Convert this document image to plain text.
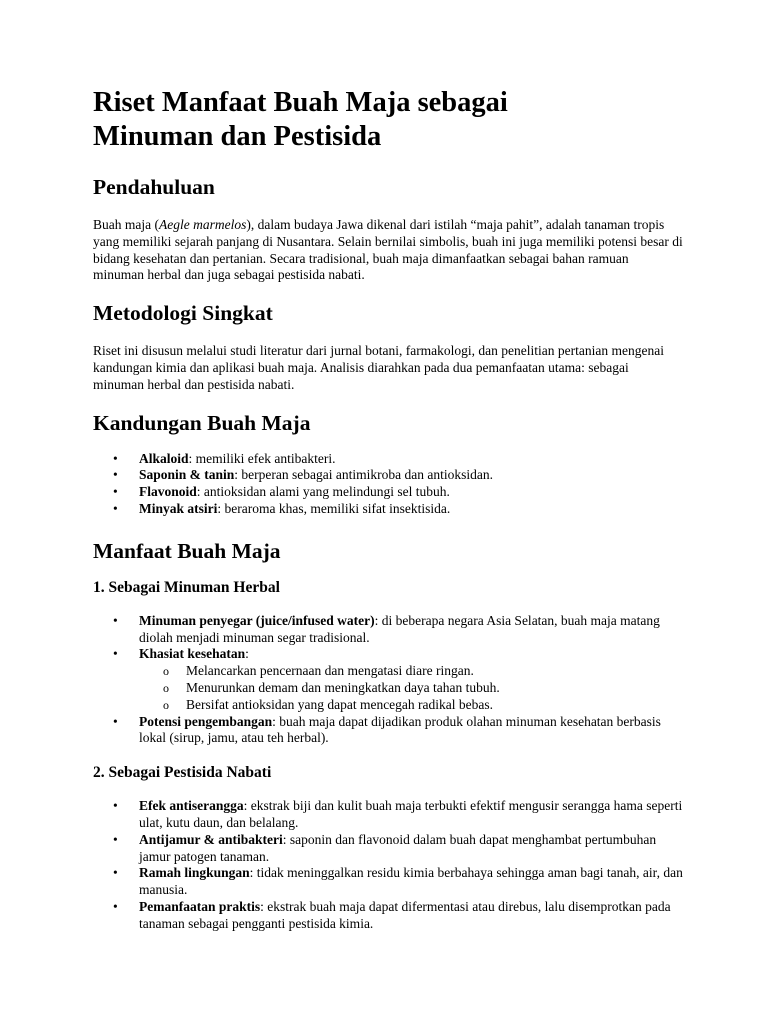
Riset Manfaat Buah Maja sebagai
Minuman dan Pestisida
Pendahuluan

Buah maja (Aegle marmelos), dalam budaya Jawa dikenal dari istilah “maja pahit”, adalah tanaman tropis yang memiliki sejarah panjang di Nusantara. Selain bernilai simbolis, buah ini juga memiliki potensi besar di bidang kesehatan dan pertanian. Secara tradisional, buah maja dimanfaatkan sebagai bahan ramuan minuman herbal dan juga sebagai pestisida nabati.

Metodologi Singkat

Riset ini disusun melalui studi literatur dari jurnal botani, farmakologi, dan penelitian pertanian mengenai kandungan kimia dan aplikasi buah maja. Analisis diarahkan pada dua pemanfaatan utama: sebagai minuman herbal dan pestisida nabati.

Kandungan Buah Maja
• Alkaloid: memiliki efek antibakteri.
• Saponin & tanin: berperan sebagai antimikroba dan antioksidan.
• Flavonoid: antioksidan alami yang melindungi sel tubuh.
• Minyak atsiri: beraroma khas, memiliki sifat insektisida.
Manfaat Buah Maja
1. Sebagai Minuman Herbal
• Minuman penyegar (juice/infused water): di beberapa negara Asia Selatan, buah maja matang diolah menjadi minuman segar tradisional.
• Khasiat kesehatan:
o Melancarkan pencernaan dan mengatasi diare ringan.
o Menurunkan demam dan meningkatkan daya tahan tubuh.
o Bersifat antioksidan yang dapat mencegah radikal bebas.
• Potensi pengembangan: buah maja dapat dijadikan produk olahan minuman kesehatan berbasis lokal (sirup, jamu, atau teh herbal).
2. Sebagai Pestisida Nabati
• Efek antiserangga: ekstrak biji dan kulit buah maja terbukti efektif mengusir serangga hama seperti ulat, kutu daun, dan belalang.
• Antijamur & antibakteri: saponin dan flavonoid dalam buah dapat menghambat pertumbuhan jamur patogen tanaman.
• Ramah lingkungan: tidak meninggalkan residu kimia berbahaya sehingga aman bagi tanah, air, dan manusia.
• Pemanfaatan praktis: ekstrak buah maja dapat difermentasi atau direbus, lalu disemprotkan pada tanaman sebagai pengganti pestisida kimia.
